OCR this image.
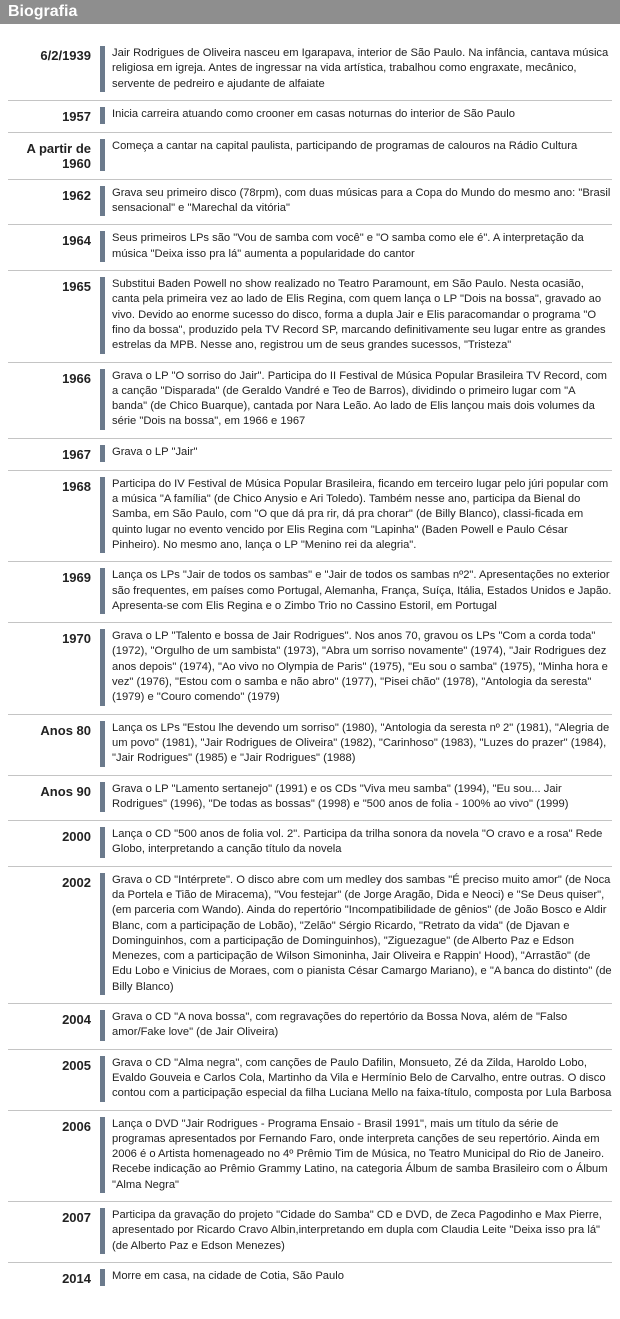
Biografia
6/2/1939 Jair Rodrigues de Oliveira nasceu em Igarapava, interior de São Paulo. Na infância, cantava música religiosa em igreja. Antes de ingressar na vida artística, trabalhou como engraxate, mecânico, servente de pedreiro e ajudante de alfaiate
1957 Inicia carreira atuando como crooner em casas noturnas do interior de São Paulo
A partir de 1960
Começa a cantar na capital paulista, participando de programas de calouros na Rádio Cultura
1962 Grava seu primeiro disco (78rpm), com duas músicas para a Copa do Mundo do mesmo ano: "Brasil sensacional" e "Marechal da vitória"
1964 Seus primeiros LPs são "Vou de samba com você" e "O samba como ele é". A interpretação da música "Deixa isso pra lá" aumenta a popularidade do cantor
1965 Substitui Baden Powell no show realizado no Teatro Paramount, em São Paulo. Nesta ocasião, canta pela primeira vez ao lado de Elis Regina, com quem lança o LP "Dois na bossa", gravado ao vivo. Devido ao enorme sucesso do disco, forma a dupla Jair e Elis paracomandar o programa "O fino da bossa", produzido pela TV Record SP, marcando definitivamente seu lugar entre as grandes estrelas da MPB. Nesse ano, registrou um de seus grandes sucessos, "Tristeza"
1966 Grava o LP "O sorriso do Jair". Participa do II Festival de Música Popular Brasileira TV Record, com a canção "Disparada" (de Geraldo Vandré e Teo de Barros), dividindo o primeiro lugar com "A banda" (de Chico Buarque), cantada por Nara Leão. Ao lado de Elis lançou mais dois volumes da série "Dois na bossa", em 1966 e 1967
1967 Grava o LP "Jair"
1968 Participa do IV Festival de Música Popular Brasileira, ficando em terceiro lugar pelo júri popular com a música "A família" (de Chico Anysio e Ari Toledo). Também nesse ano, participa da Bienal do Samba, em São Paulo, com "O que dá pra rir, dá pra chorar" (de Billy Blanco), classi-ficada em quinto lugar no evento vencido por Elis Regina com "Lapinha" (Baden Powell e Paulo César Pinheiro). No mesmo ano, lança o LP "Menino rei da alegria".
1969 Lança os LPs "Jair de todos os sambas" e "Jair de todos os sambas nº2". Apresentações no exterior são frequentes, em países como Portugal, Alemanha, França, Suíça, Itália, Estados Unidos e Japão. Apresenta-se com Elis Regina e o Zimbo Trio no Cassino Estoril, em Portugal
1970 Grava o LP "Talento e bossa de Jair Rodrigues". Nos anos 70, gravou os LPs "Com a corda toda" (1972), "Orgulho de um sambista" (1973), "Abra um sorriso novamente" (1974), "Jair Rodrigues dez anos depois" (1974), "Ao vivo no Olympia de Paris" (1975), "Eu sou o samba" (1975), "Minha hora e vez" (1976), "Estou com o samba e não abro" (1977), "Pisei chão" (1978), "Antologia da seresta" (1979) e "Couro comendo" (1979)
Anos 80 Lança os LPs "Estou lhe devendo um sorriso" (1980), "Antologia da seresta nº 2" (1981), "Alegria de um povo" (1981), "Jair Rodrigues de Oliveira" (1982), "Carinhoso" (1983), "Luzes do prazer" (1984), "Jair Rodrigues" (1985) e "Jair Rodrigues" (1988)
Anos 90 Grava o LP "Lamento sertanejo" (1991) e os CDs "Viva meu samba" (1994), "Eu sou... Jair Rodrigues" (1996), "De todas as bossas" (1998) e "500 anos de folia - 100% ao vivo" (1999)
2000 Lança o CD "500 anos de folia vol. 2". Participa da trilha sonora da novela "O cravo e a rosa" Rede Globo, interpretando a canção título da novela
2002 Grava o CD "Intérprete". O disco abre com um medley dos sambas "É preciso muito amor" (de Noca da Portela e Tião de Miracema), "Vou festejar" (de Jorge Aragão, Dida e Neoci) e "Se Deus quiser", (em parceria com Wando). Ainda do repertório "Incompatibilidade de gênios" (de João Bosco e Aldir Blanc, com a participação de Lobão), "Zelão" Sérgio Ricardo, "Retrato da vida" (de Djavan e Dominguinhos, com a participação de Dominguinhos), "Ziguezague" (de Alberto Paz e Edson Menezes, com a participação de Wilson Simoninha, Jair Oliveira e Rappin' Hood), "Arrastão" (de Edu Lobo e Vinicius de Moraes, com o pianista César Camargo Mariano), e "A banca do distinto" (de Billy Blanco)
2004 Grava o CD "A nova bossa", com regravações do repertório da Bossa Nova, além de "Falso amor/Fake love" (de Jair Oliveira)
2005 Grava o CD "Alma negra", com canções de Paulo Dafilin, Monsueto, Zé da Zilda, Haroldo Lobo, Evaldo Gouveia e Carlos Cola, Martinho da Vila e Hermínio Belo de Carvalho, entre outras. O disco contou com a participação especial da filha Luciana Mello na faixa-título, composta por Lula Barbosa
2006 Lança o DVD "Jair Rodrigues - Programa Ensaio - Brasil 1991", mais um título da série de programas apresentados por Fernando Faro, onde interpreta canções de seu repertório. Ainda em 2006 é o Artista homenageado no 4º Prêmio Tim de Música, no Teatro Municipal do Rio de Janeiro. Recebe indicação ao Prêmio Grammy Latino, na categoria Álbum de samba Brasileiro com o Álbum "Alma Negra"
2007 Participa da gravação do projeto "Cidade do Samba" CD e DVD, de Zeca Pagodinho e Max Pierre, apresentado por Ricardo Cravo Albin,interpretando em dupla com Claudia Leite "Deixa isso pra lá" (de Alberto Paz e Edson Menezes)
2014 Morre em casa, na cidade de Cotia, São Paulo
